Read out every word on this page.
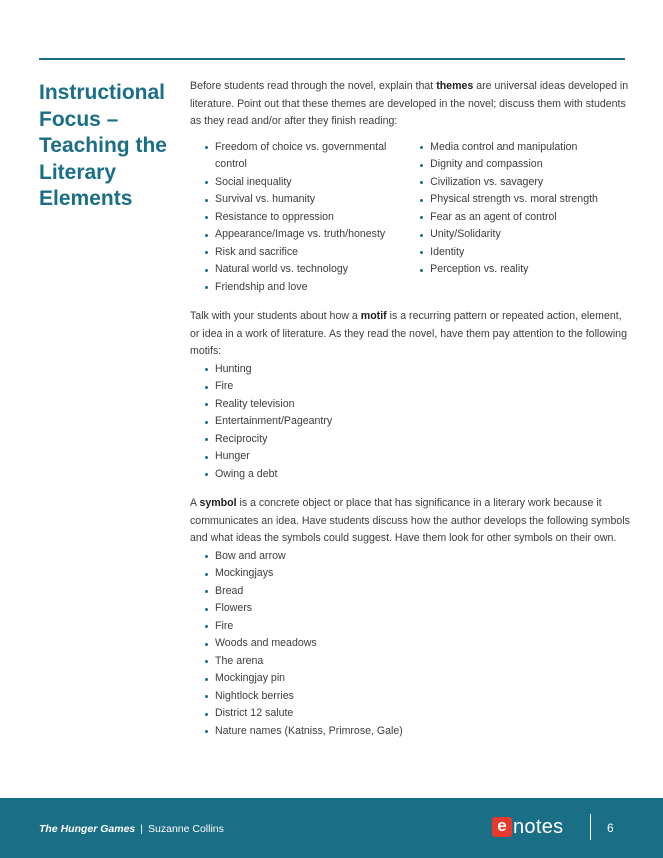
Instructional
Focus –
Teaching the
Literary
Elements

Before students read through the novel, explain that themes are universal ideas developed in literature. Point out that these themes are developed in the novel; discuss them with students as they read and/or after they finish reading:

Freedom of choice vs. governmental control
Social inequality
Survival vs. humanity
Resistance to oppression
Appearance/Image vs. truth/honesty
Risk and sacrifice
Natural world vs. technology
Friendship and love
Media control and manipulation
Dignity and compassion
Civilization vs. savagery
Physical strength vs. moral strength
Fear as an agent of control
Unity/Solidarity
Identity
Perception vs. reality

Talk with your students about how a motif is a recurring pattern or repeated action, element, or idea in a work of literature. As they read the novel, have them pay attention to the following motifs:

Hunting
Fire
Reality television
Entertainment/Pageantry
Reciprocity
Hunger
Owing a debt

A symbol is a concrete object or place that has significance in a literary work because it communicates an idea. Have students discuss how the author develops the following symbols and what ideas the symbols could suggest. Have them look for other symbols on their own.

Bow and arrow
Mockingjays
Bread
Flowers
Fire
Woods and meadows
The arena
Mockingjay pin
Nightlock berries
District 12 salute
Nature names (Katniss, Primrose, Gale)
The Hunger Games | Suzanne Collins	e notes	6
